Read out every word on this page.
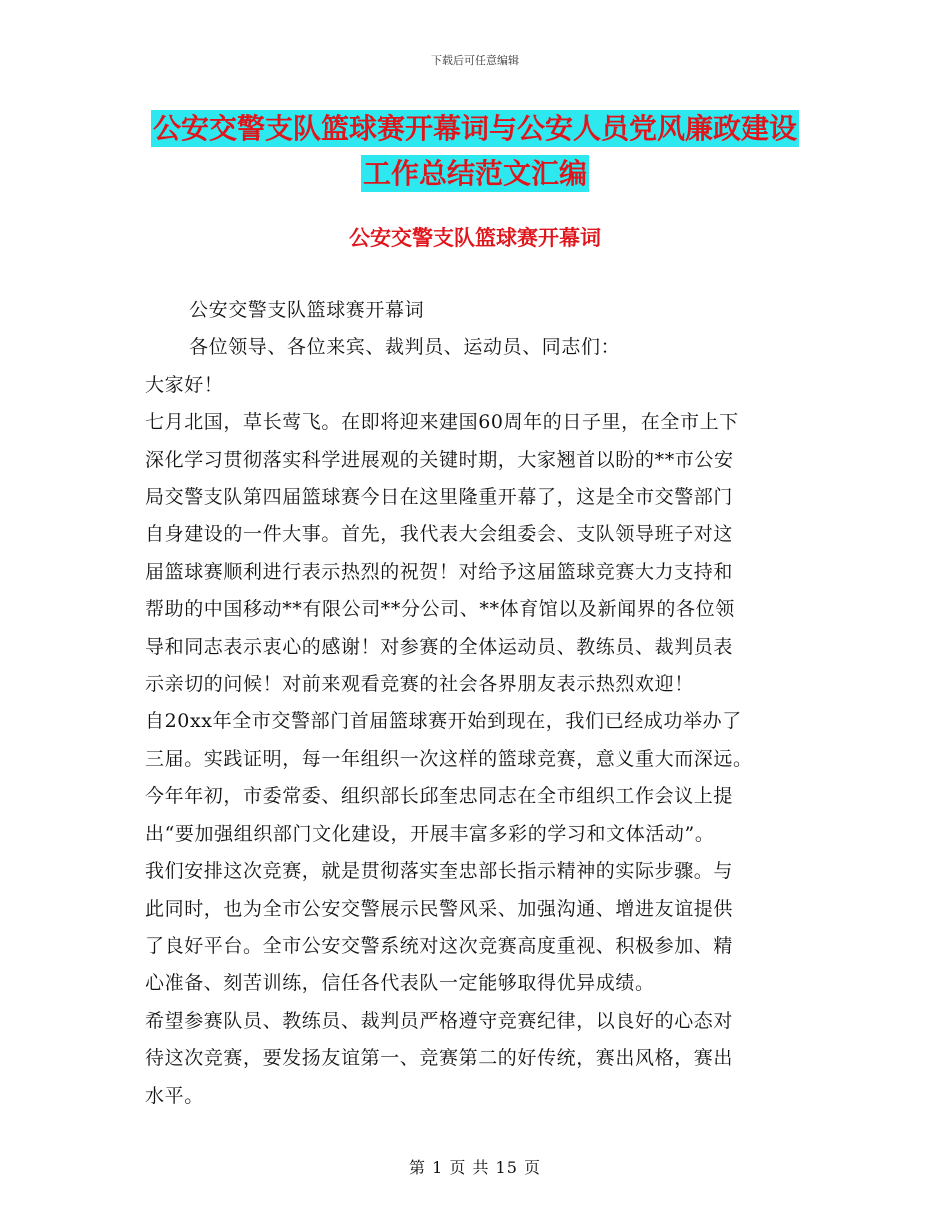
下载后可任意编辑
公安交警支队篮球赛开幕词与公安人员党风廉政建设
工作总结范文汇编
公安交警支队篮球赛开幕词

公安交警支队篮球赛开幕词

各位领导、各位来宾、裁判员、运动员、同志们：

大家好！

七月北国，草长莺飞。在即将迎来建国60周年的日子里，在全市上下

深化学习贯彻落实科学进展观的关键时期，大家翘首以盼的**市公安

局交警支队第四届篮球赛今日在这里隆重开幕了，这是全市交警部门

自身建设的一件大事。首先，我代表大会组委会、支队领导班子对这

届篮球赛顺利进行表示热烈的祝贺！对给予这届篮球竞赛大力支持和

帮助的中国移动**有限公司**分公司、**体育馆以及新闻界的各位领

导和同志表示衷心的感谢！对参赛的全体运动员、教练员、裁判员表

示亲切的问候！对前来观看竞赛的社会各界朋友表示热烈欢迎！

自20xx年全市交警部门首届篮球赛开始到现在，我们已经成功举办了

三届。实践证明，每一年组织一次这样的篮球竞赛，意义重大而深远。

今年年初，市委常委、组织部长邱奎忠同志在全市组织工作会议上提

出“要加强组织部门文化建设，开展丰富多彩的学习和文体活动”。

我们安排这次竞赛，就是贯彻落实奎忠部长指示精神的实际步骤。与

此同时，也为全市公安交警展示民警风采、加强沟通、增进友谊提供

了良好平台。全市公安交警系统对这次竞赛高度重视、积极参加、精

心准备、刻苦训练，信任各代表队一定能够取得优异成绩。

希望参赛队员、教练员、裁判员严格遵守竞赛纪律，以良好的心态对

待这次竞赛，要发扬友谊第一、竞赛第二的好传统，赛出风格，赛出

水平。

第 1 页 共 15 页
